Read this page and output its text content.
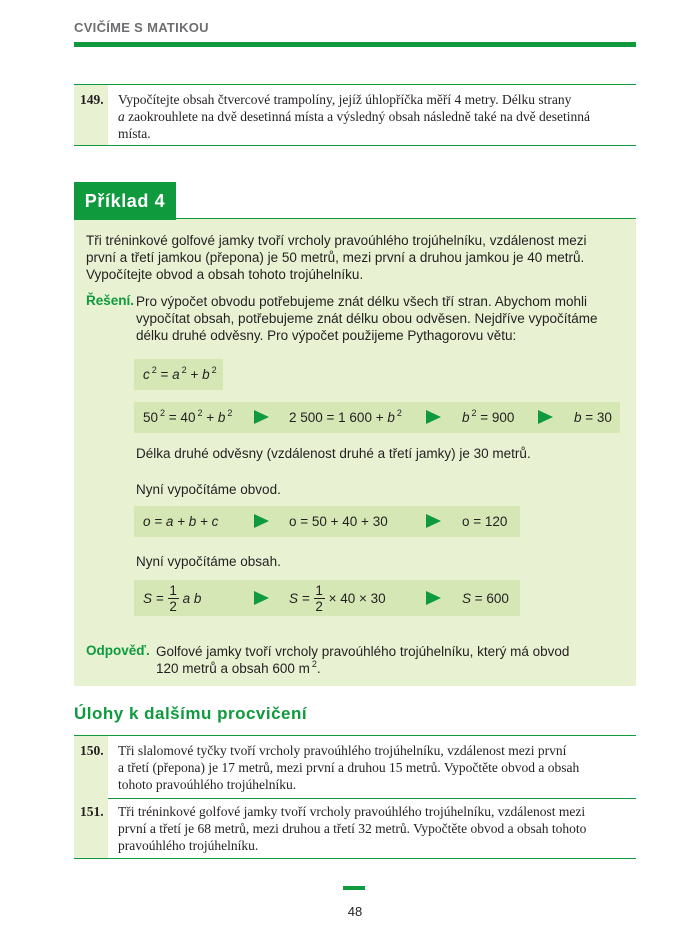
CVIČÍME S MATIKOU
149.	Vypočítejte obsah čtvercové trampolíny, jejíž úhlopříčka měří 4 metry. Délku strany
a zaokrouhlete na dvě desetinná místa a výsledný obsah následně také na dvě desetinná
místa.
Příklad 4
Tři tréninkové golfové jamky tvoří vrcholy pravoúhlého trojúhelníku, vzdálenost mezi
první a třetí jamkou (přepona) je 50 metrů, mezi první a druhou jamkou je 40 metrů.
Vypočítejte obvod a obsah tohoto trojúhelníku.
Řešení. Pro výpočet obvodu potřebujeme znát délku všech tří stran. Abychom mohli
vypočítat obsah, potřebujeme znát délku obou odvěsen. Nejdříve vypočítáme
délku druhé odvěsny. Pro výpočet použijeme Pythagorovu větu:
c $^2$ = a $^2$ + b $^2$
50 $^2$ = 40 $^2$ + b $^2$	2 500 = 1 600 + b $^2$	b $^2$ = 900	b = 30
Délka druhé odvěsny (vzdálenost druhé a třetí jamky) je 30 metrů.
Nyní vypočítáme obvod.
o = a + b + c	o = 50 + 40 + 30	o = 120
Nyní vypočítáme obsah.
$S = \frac{1}{2}$ a b	$S = \frac{1}{2} \times 40 \times 30$	S = 600
Odpověď. Golfové jamky tvoří vrcholy pravoúhlého trojúhelníku, který má obvod
120 metrů a obsah 600 m $^2$.
Úlohy k dalšímu procvičení
150.	Tři slalomové tyčky tvoří vrcholy pravoúhlého trojúhelníku, vzdálenost mezi první
a třetí (přepona) je 17 metrů, mezi první a druhou 15 metrů. Vypočtěte obvod a obsah
tohoto pravoúhlého trojúhelníku.
151.	Tři tréninkové golfové jamky tvoří vrcholy pravoúhlého trojúhelníku, vzdálenost mezi
první a třetí je 68 metrů, mezi druhou a třetí 32 metrů. Vypočtěte obvod a obsah tohoto
pravoúhlého trojúhelníku.
48
